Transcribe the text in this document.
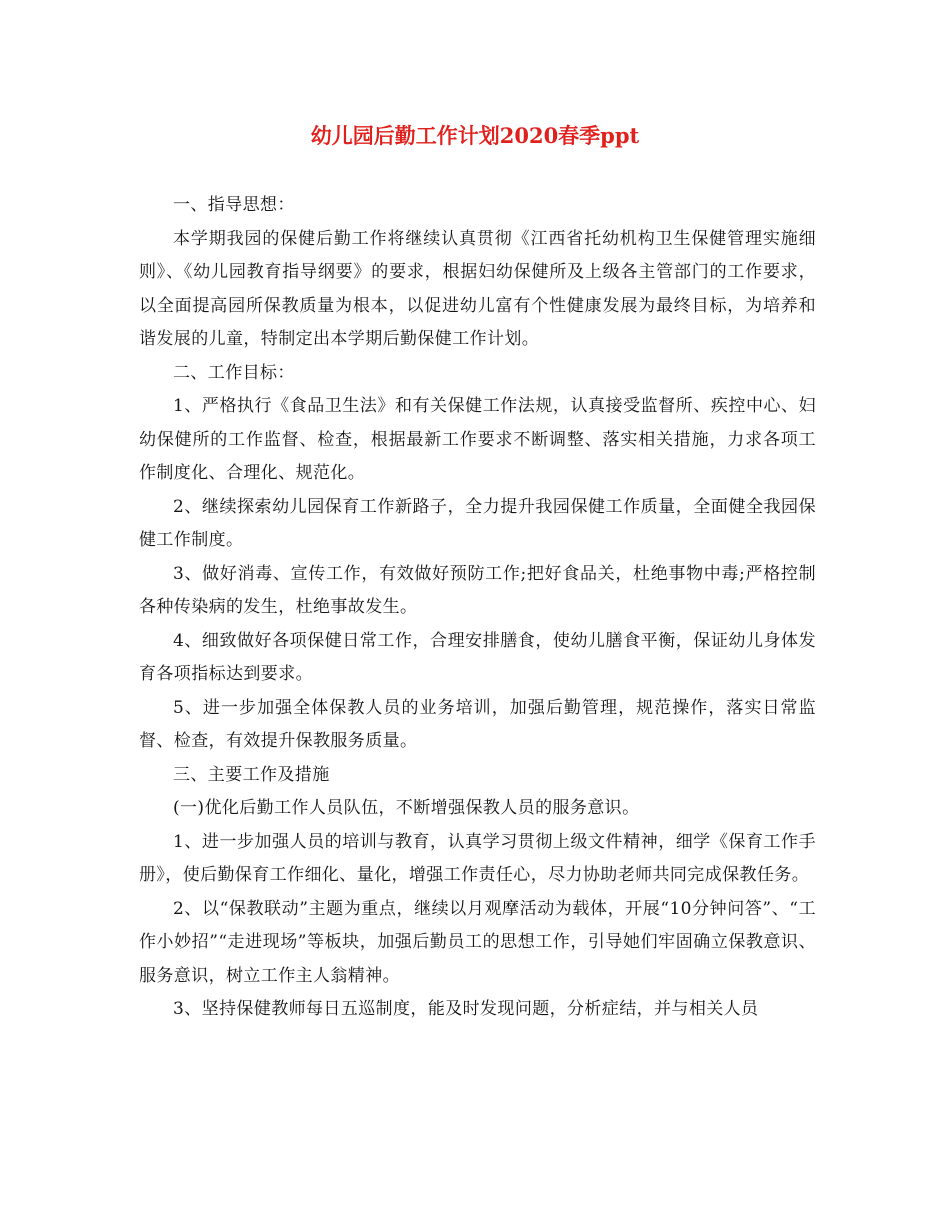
幼儿园后勤工作计划2020春季ppt

一、指导思想：

本学期我园的保健后勤工作将继续认真贯彻《江西省托幼机构卫生保健管理实施细则》、《幼儿园教育指导纲要》的要求，根据妇幼保健所及上级各主管部门的工作要求，以全面提高园所保教质量为根本，以促进幼儿富有个性健康发展为最终目标，为培养和谐发展的儿童，特制定出本学期后勤保健工作计划。

二、工作目标：

1、严格执行《食品卫生法》和有关保健工作法规，认真接受监督所、疾控中心、妇幼保健所的工作监督、检查，根据最新工作要求不断调整、落实相关措施，力求各项工作制度化、合理化、规范化。

2、继续探索幼儿园保育工作新路子，全力提升我园保健工作质量，全面健全我园保健工作制度。

3、做好消毒、宣传工作，有效做好预防工作;把好食品关，杜绝事物中毒;严格控制各种传染病的发生，杜绝事故发生。

4、细致做好各项保健日常工作，合理安排膳食，使幼儿膳食平衡，保证幼儿身体发育各项指标达到要求。

5、进一步加强全体保教人员的业务培训，加强后勤管理，规范操作，落实日常监督、检查，有效提升保教服务质量。

三、主要工作及措施

(一)优化后勤工作人员队伍，不断增强保教人员的服务意识。

1、进一步加强人员的培训与教育，认真学习贯彻上级文件精神，细学《保育工作手册》，使后勤保育工作细化、量化，增强工作责任心，尽力协助老师共同完成保教任务。

2、以“保教联动”主题为重点，继续以月观摩活动为载体，开展“10分钟问答”、“工作小妙招”“走进现场”等板块，加强后勤员工的思想工作，引导她们牢固确立保教意识、服务意识，树立工作主人翁精神。

3、坚持保健教师每日五巡制度，能及时发现问题，分析症结，并与相关人员
